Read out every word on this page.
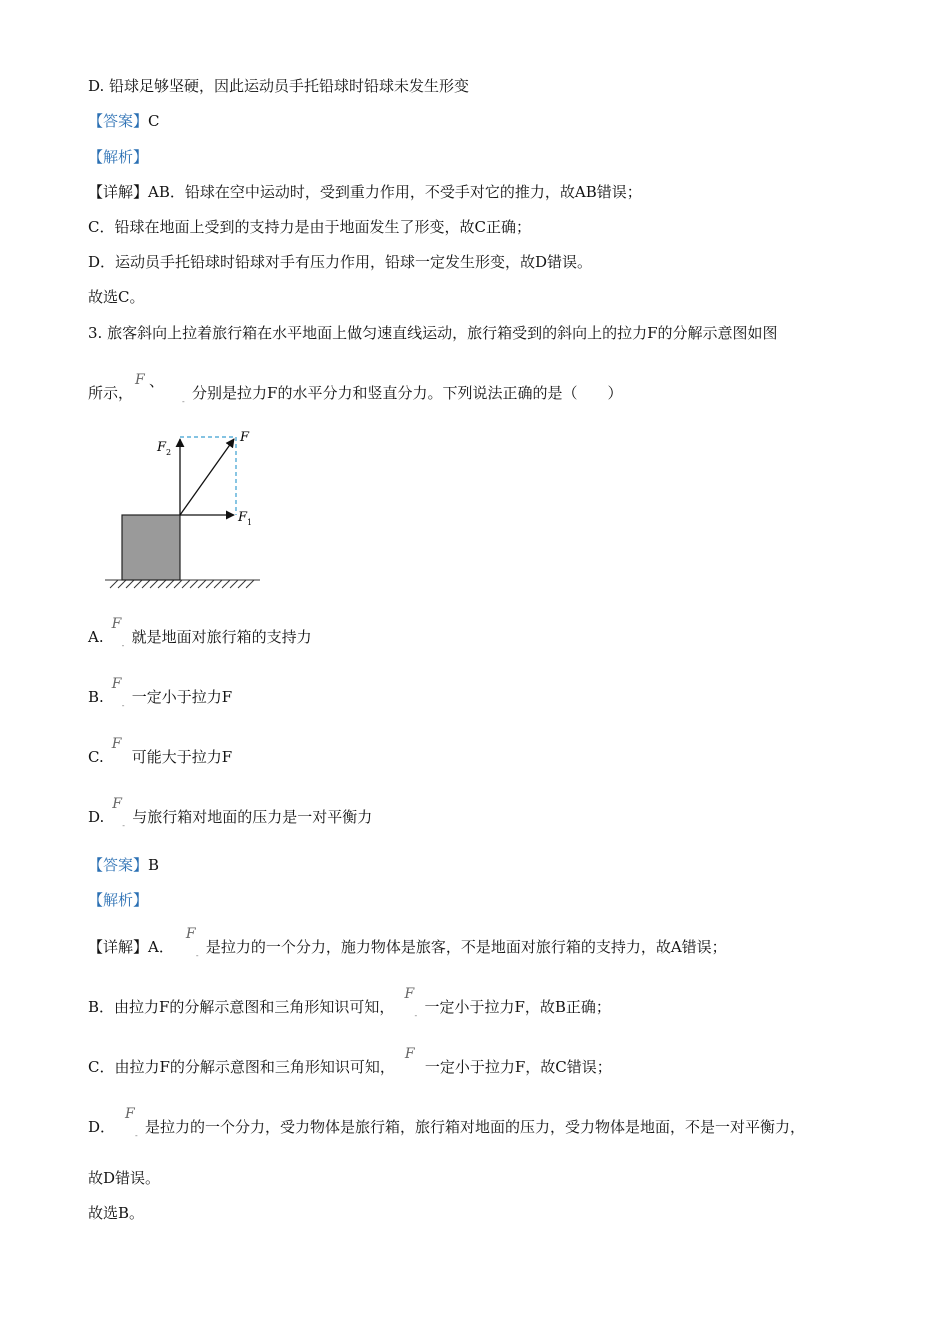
D. 铅球足够坚硬，因此运动员手托铅球时铅球未发生形变
【答案】C
【解析】
【详解】AB．铅球在空中运动时，受到重力作用，不受手对它的推力，故AB错误；
C．铅球在地面上受到的支持力是由于地面发生了形变，故C正确；
D．运动员手托铅球时铅球对手有压力作用，铅球一定发生形变，故D错误。
故选C。
3. 旅客斜向上拉着旅行箱在水平地面上做匀速直线运动，旅行箱受到的斜向上的拉力F的分解示意图如图
所示，
F 、
- 分别是拉力F的水平分力和竖直分力。下列说法正确的是（　　）
F
F 1
F 2
A.
F
- 就是地面对旅行箱的支持力
B.
F
- 一定小于拉力F
C.
F
可能大于拉力F
D.
F
- 与旅行箱对地面的压力是一对平衡力
【答案】B
【解析】
【详解】A．
F
- 是拉力的一个分力，施力物体是旅客，不是地面对旅行箱的支持力，故A错误；
B．由拉力F的分解示意图和三角形知识可知，
F
- 一定小于拉力F，故B正确；
C．由拉力F的分解示意图和三角形知识可知，
F
一定小于拉力F，故C错误；
D．
F
- 是拉力的一个分力，受力物体是旅行箱，旅行箱对地面的压力，受力物体是地面，不是一对平衡力，
故D错误。
故选B。
